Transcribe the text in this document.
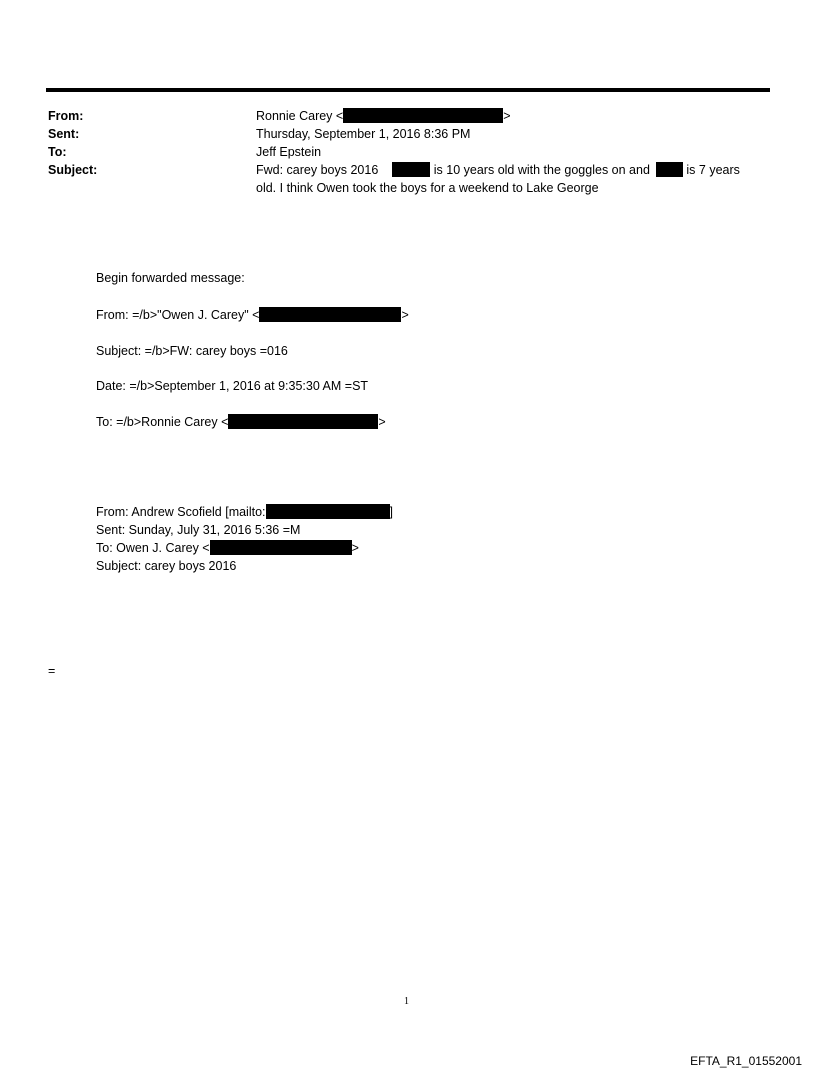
From:	Ronnie Carey <	>
Sent:	Thursday, September 1, 2016 8:36 PM
To:	Jeff Epstein
Subject:	Fwd: carey boys 2016	is 10 years old with the goggles on and	is 7 years
old. I think Owen took the boys for a weekend to Lake George
Begin forwarded message:
From: =/b>"Owen J. Carey" <	>
Subject: =/b>FW: carey boys =016
Date: =/b>September 1, 2016 at 9:35:30 AM =ST
To: =/b>Ronnie Carey <	>
From: Andrew Scofield [mailto:	]
Sent: Sunday, July 31, 2016 5:36 =M
To: Owen J. Carey <	>
Subject: carey boys 2016
=
1
EFTA_R1_01552001
